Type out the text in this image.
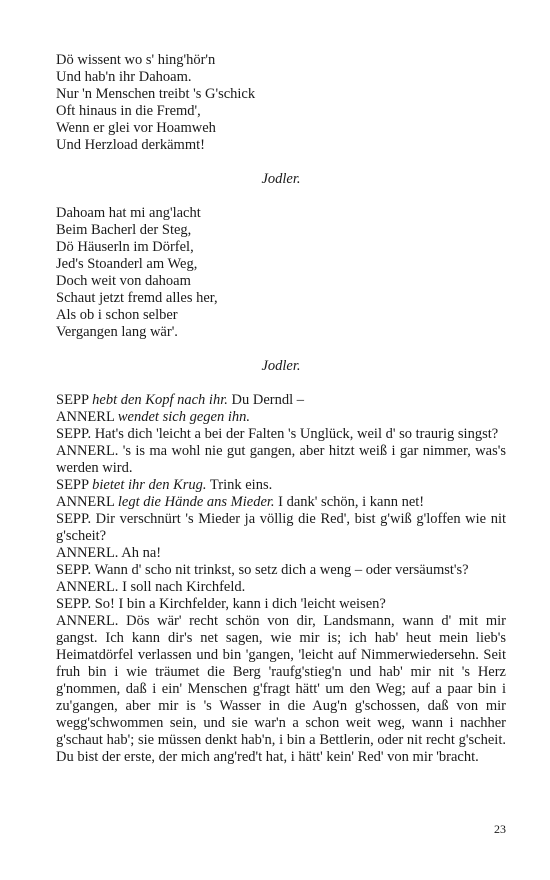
Dö wissent wo s' hing'hör'n

Und hab'n ihr Dahoam.

Nur 'n Menschen treibt 's G'schick

Oft hinaus in die Fremd',

Wenn er glei vor Hoamweh

Und Herzload derkämmt!

Jodler.

Dahoam hat mi ang'lacht

Beim Bacherl der Steg,

Dö Häuserln im Dörfel,

Jed's Stoanderl am Weg,

Doch weit von dahoam

Schaut jetzt fremd alles her,

Als ob i schon selber

Vergangen lang wär'.

Jodler.

SEPP hebt den Kopf nach ihr. Du Derndl –

ANNERL wendet sich gegen ihn.

SEPP. Hat's dich 'leicht a bei der Falten 's Unglück, weil d' so traurig singst?

ANNERL. 's is ma wohl nie gut gangen, aber hitzt weiß i gar nimmer, was's werden wird.

SEPP bietet ihr den Krug. Trink eins.

ANNERL legt die Hände ans Mieder. I dank' schön, i kann net!

SEPP. Dir verschnürt 's Mieder ja völlig die Red', bist g'wiß g'loffen wie nit g'scheit?

ANNERL. Ah na!

SEPP. Wann d' scho nit trinkst, so setz dich a weng – oder versäumst's?

ANNERL. I soll nach Kirchfeld.

SEPP. So! I bin a Kirchfelder, kann i dich 'leicht weisen?

ANNERL. Dös wär' recht schön von dir, Landsmann, wann d' mit mir gangst. Ich kann dir's net sagen, wie mir is; ich hab' heut mein lieb's Heimatdörfel verlassen und bin 'gangen, 'leicht auf Nimmerwiedersehn. Seit fruh bin i wie träumet die Berg 'raufg'stieg'n und hab' mir nit 's Herz g'nommen, daß i ein' Menschen g'fragt hätt' um den Weg; auf a paar bin i zu'gangen, aber mir is 's Wasser in die Aug'n g'schossen, daß von mir wegg'schwommen sein, und sie war'n a schon weit weg, wann i nachher g'schaut hab'; sie müssen denkt hab'n, i bin a Bettlerin, oder nit recht g'scheit. Du bist der erste, der mich ang'red't hat, i hätt' kein' Red' von mir 'bracht.

23
